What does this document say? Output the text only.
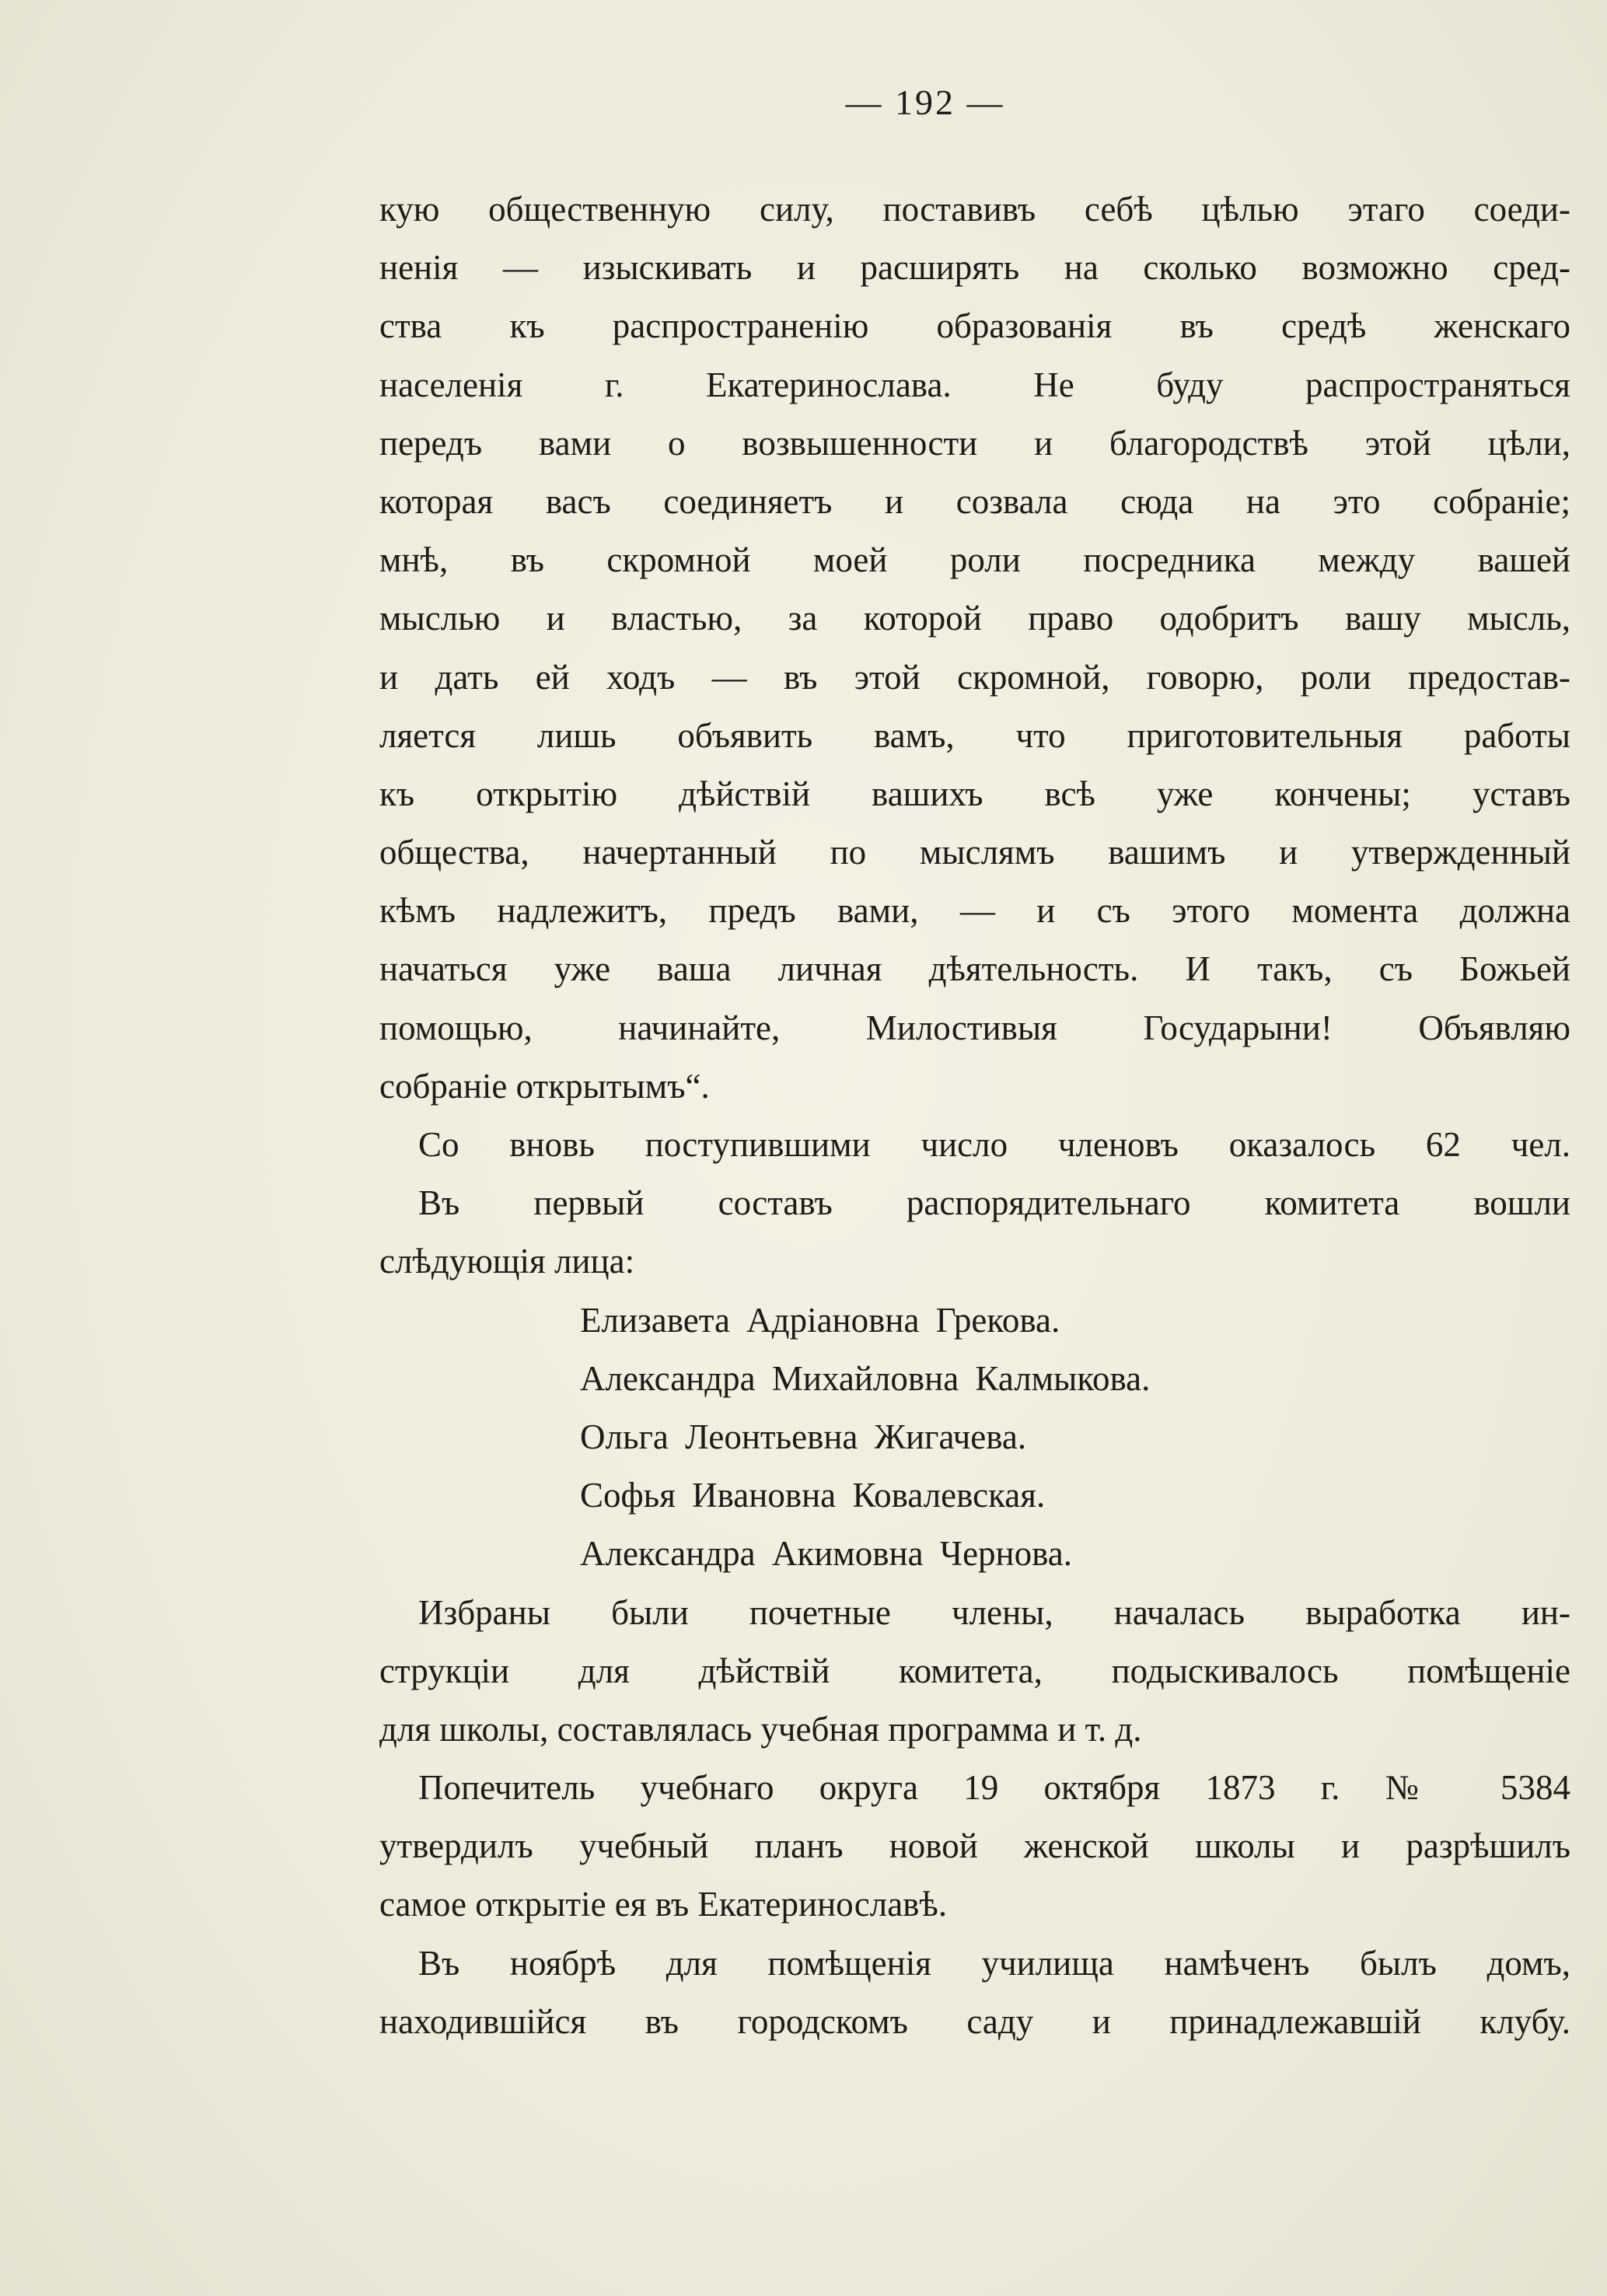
— 192 —
кую общественную силу, поставивъ себѣ цѣлью этаго соеди-
ненія — изыскивать и расширять на сколько возможно сред-
ства къ распространенію образованія въ средѣ женскаго
населенія г. Екатеринослава. Не буду распространяться
передъ вами о возвышенности и благородствѣ этой цѣли,
которая васъ соединяетъ и созвала сюда на это собраніе;
мнѣ, въ скромной моей роли посредника между вашей
мыслью и властью, за которой право одобритъ вашу мысль,
и дать ей ходъ — въ этой скромной, говорю, роли предостав-
ляется лишь объявить вамъ, что приготовительныя работы
къ открытію дѣйствій вашихъ всѣ уже кончены; уставъ
общества, начертанный по мыслямъ вашимъ и утвержденный
кѣмъ надлежитъ, предъ вами, — и съ этого момента должна
начаться уже ваша личная дѣятельность. И такъ, съ Божьей
помощью, начинайте, Милостивыя Государыни! Объявляю
собраніе открытымъ“.
Со вновь поступившими число членовъ оказалось 62 чел.
Въ первый составъ распорядительнаго комитета вошли
слѣдующія лица:
Елизавета Адріановна Грекова.
Александра Михайловна Калмыкова.
Ольга Леонтьевна Жигачева.
Софья Ивановна Ковалевская.
Александра Акимовна Чернова.
Избраны были почетные члены, началась выработка ин-
струкціи для дѣйствій комитета, подыскивалось помѣщеніе
для школы, составлялась учебная программа и т. д.
Попечитель учебнаго округа 19 октября 1873 г. № 5384
утвердилъ учебный планъ новой женской школы и разрѣшилъ
самое открытіе ея въ Екатеринославѣ.
Въ ноябрѣ для помѣщенія училища намѣченъ былъ домъ,
находившійся въ городскомъ саду и принадлежавшій клубу.
